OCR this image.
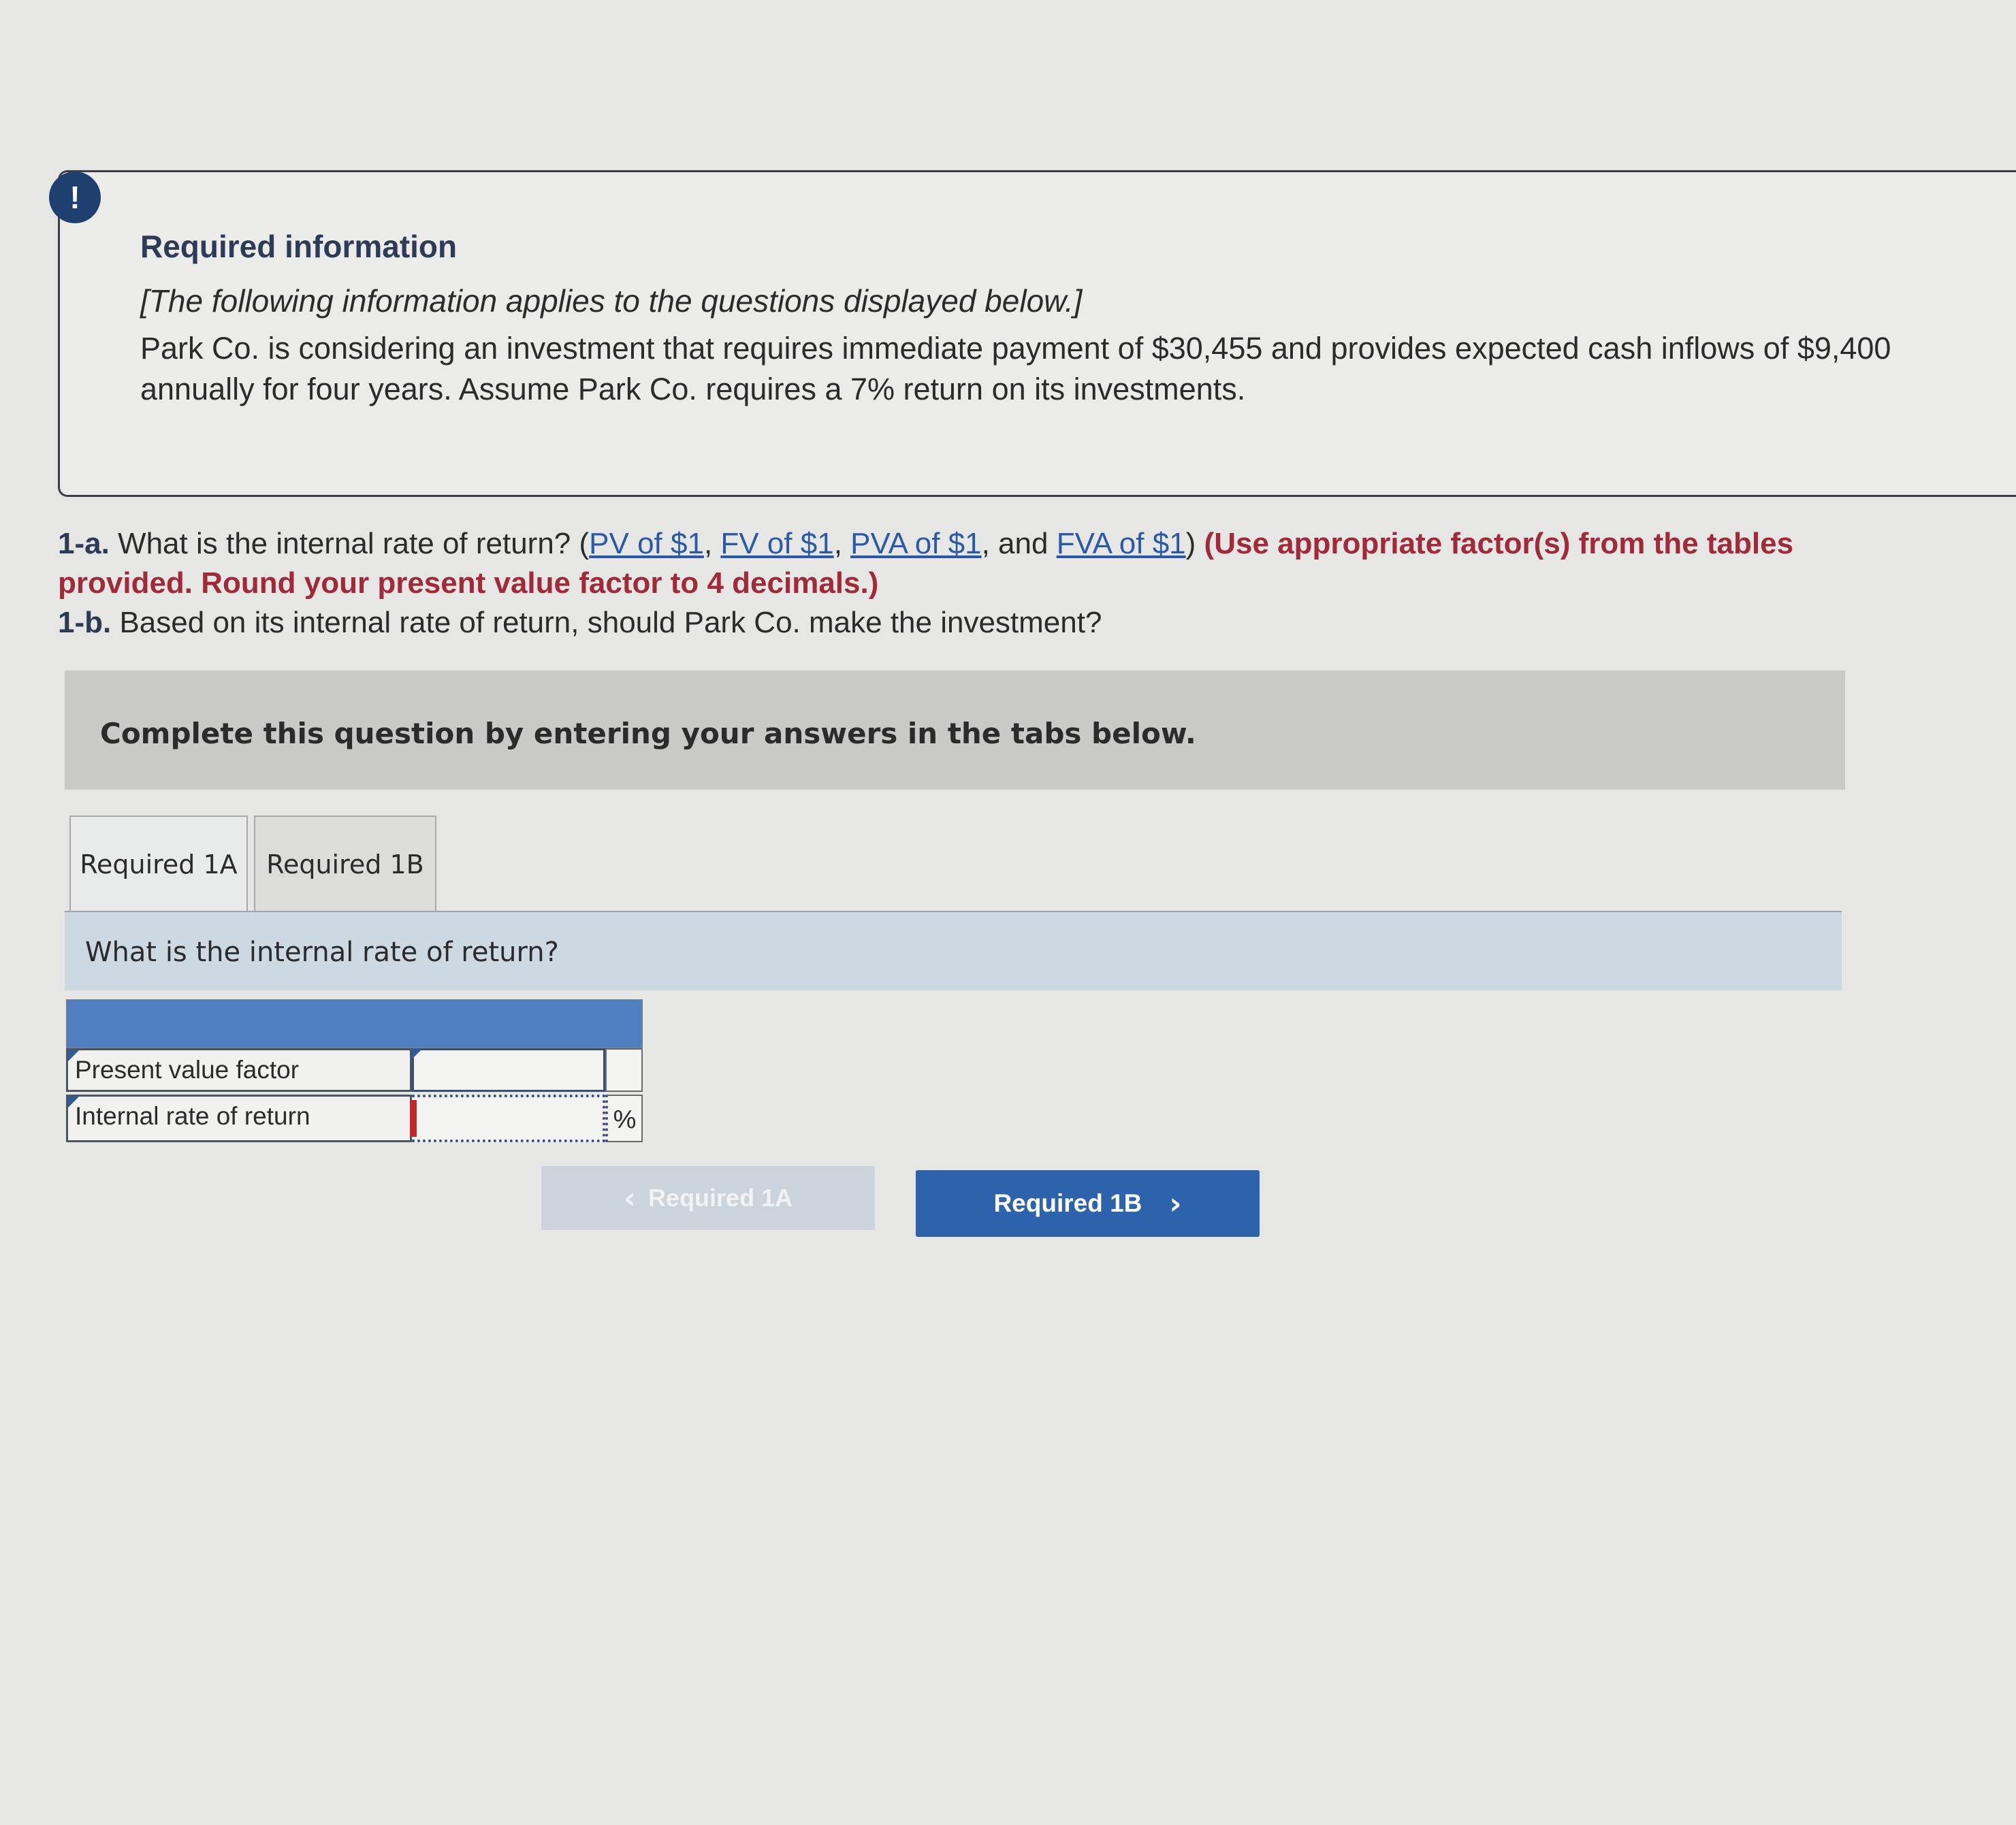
!
Required information
[The following information applies to the questions displayed below.]
Park Co. is considering an investment that requires immediate payment of $30,455 and provides expected cash inflows of $9,400 annually for four years. Assume Park Co. requires a 7% return on its investments.
1-a. What is the internal rate of return? (PV of $1, FV of $1, PVA of $1, and FVA of $1) (Use appropriate factor(s) from the tables provided. Round your present value factor to 4 decimals.)
1-b. Based on its internal rate of return, should Park Co. make the investment?
Complete this question by entering your answers in the tabs below.
Required 1A	Required 1B
What is the internal rate of return?
Present value factor
Internal rate of return	%
‹ Required 1A	Required 1B ›
